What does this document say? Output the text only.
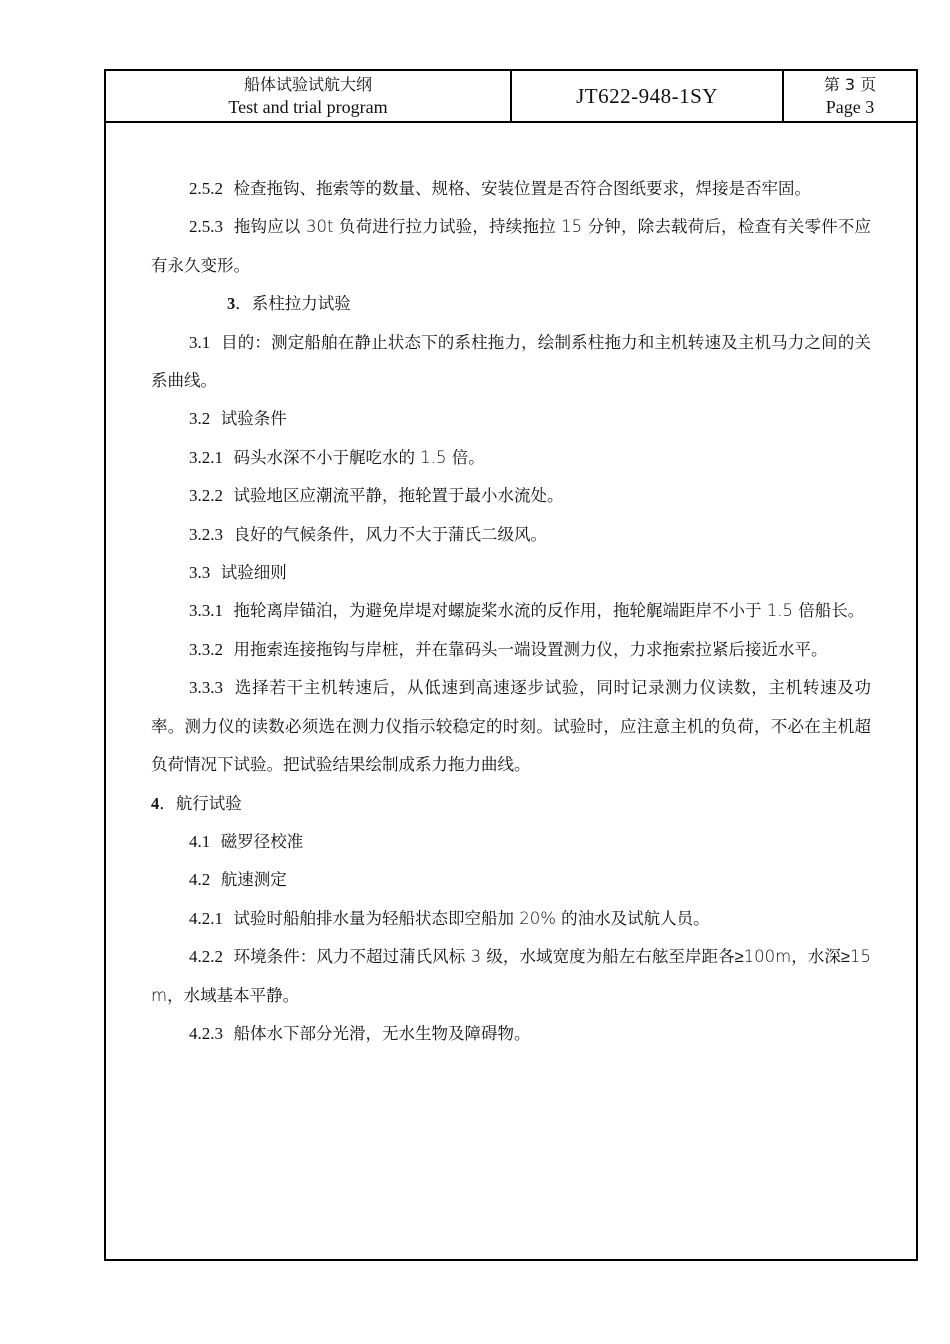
船体试验试航大纲
Test and trial program	JT622-948-1SY	第 3 页
Page 3

2.5.2 检查拖钩、拖索等的数量、规格、安装位置是否符合图纸要求，焊接是否牢固。

2.5.3 拖钩应以 30t 负荷进行拉力试验，持续拖拉 15 分钟，除去载荷后，检查有关零件不应有永久变形。

3．系柱拉力试验

3.1 目的：测定船舶在静止状态下的系柱拖力，绘制系柱拖力和主机转速及主机马力之间的关系曲线。

3.2 试验条件

3.2.1 码头水深不小于艉吃水的 1.5 倍。

3.2.2 试验地区应潮流平静，拖轮置于最小水流处。

3.2.3 良好的气候条件，风力不大于蒲氏二级风。

3.3 试验细则

3.3.1 拖轮离岸锚泊，为避免岸堤对螺旋桨水流的反作用，拖轮艉端距岸不小于 1.5 倍船长。

3.3.2 用拖索连接拖钩与岸桩，并在靠码头一端设置测力仪，力求拖索拉紧后接近水平。

3.3.3 选择若干主机转速后，从低速到高速逐步试验，同时记录测力仪读数，主机转速及功率。测力仪的读数必须选在测力仪指示较稳定的时刻。试验时，应注意主机的负荷，不必在主机超负荷情况下试验。把试验结果绘制成系力拖力曲线。

4．航行试验

4.1 磁罗径校准

4.2 航速测定

4.2.1 试验时船舶排水量为轻船状态即空船加 20% 的油水及试航人员。

4.2.2 环境条件：风力不超过蒲氏风标 3 级，水域宽度为船左右舷至岸距各≥100m，水深≥15m，水域基本平静。

4.2.3 船体水下部分光滑，无水生物及障碍物。
